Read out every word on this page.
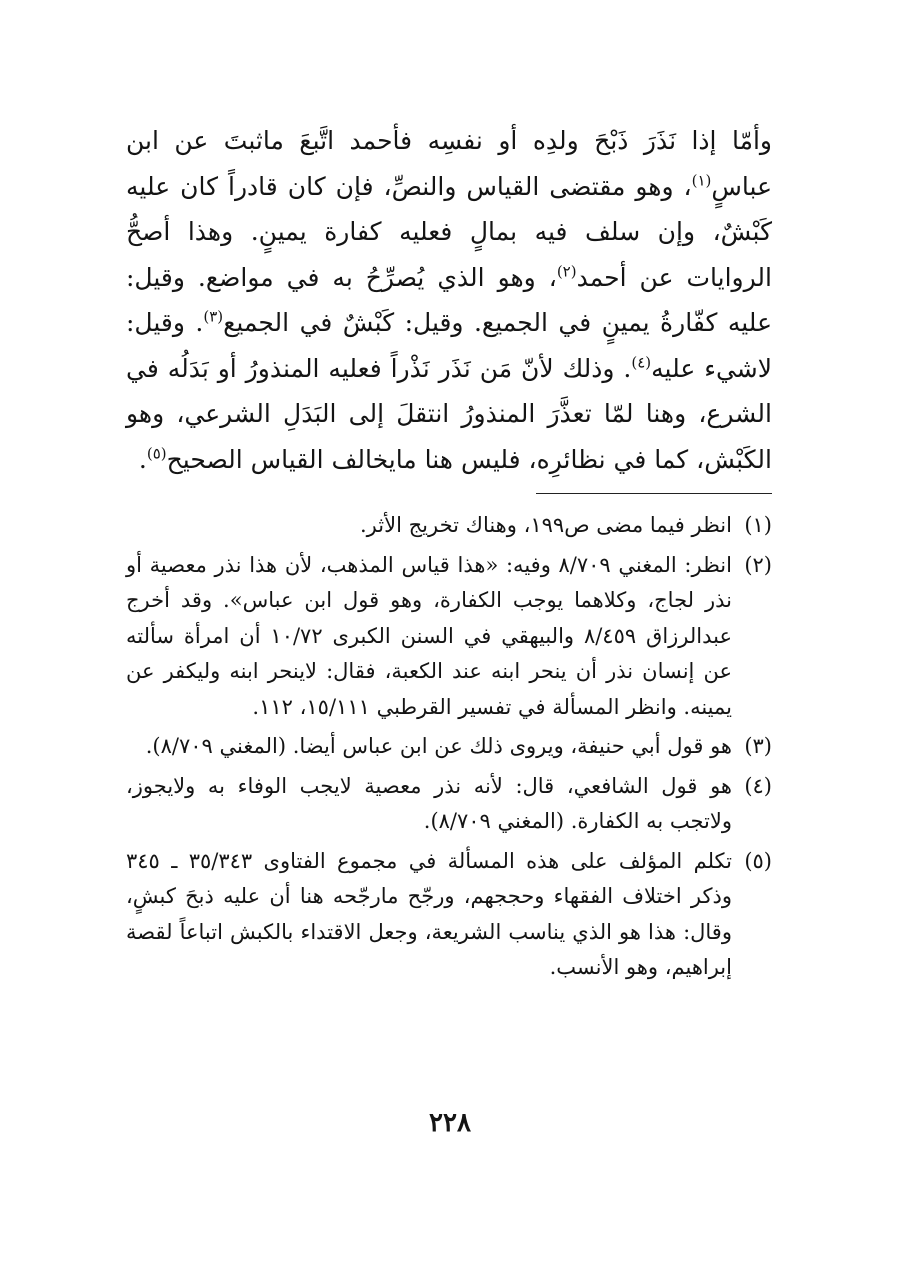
وأمّا إذا نَذَرَ ذَبْحَ ولدِه أو نفسِه فأحمد اتَّبعَ ماثبتَ عن ابن عباسٍ$^{(١)}$، وهو مقتضى القياس والنصِّ، فإن كان قادراً كان عليه كَبْشٌ، وإن سلف فيه بمالٍ فعليه كفارة يمينٍ. وهذا أصحُّ الروايات عن أحمد$^{(٢)}$، وهو الذي يُصرِّحُ به في مواضع. وقيل: عليه كفّارةُ يمينٍ في الجميع. وقيل: كَبْشٌ في الجميع$^{(٣)}$. وقيل: لاشيء عليه$^{(٤)}$. وذلك لأنّ مَن نَذَر نَذْراً فعليه المنذورُ أو بَدَلُه في الشرع، وهنا لمّا تعذَّرَ المنذورُ انتقلَ إلى البَدَلِ الشرعي، وهو الكَبْش، كما في نظائرِه، فليس هنا مايخالف القياس الصحيح$^{(٥)}$.

(١)
انظر فيما مضى ص١٩٩، وهناك تخريج الأثر.
(٢)
انظر: المغني ٨/٧٠٩ وفيه: «هذا قياس المذهب، لأن هذا نذر معصية أو نذر لجاج، وكلاهما يوجب الكفارة، وهو قول ابن عباس». وقد أخرج عبدالرزاق ٨/٤٥٩ والبيهقي في السنن الكبرى ١٠/٧٢ أن امرأة سألته عن إنسان نذر أن ينحر ابنه عند الكعبة، فقال: لاينحر ابنه وليكفر عن يمينه. وانظر المسألة في تفسير القرطبي ١٥/١١١، ١١٢.
(٣)
هو قول أبي حنيفة، ويروى ذلك عن ابن عباس أيضا. (المغني ٨/٧٠٩).
(٤)
هو قول الشافعي، قال: لأنه نذر معصية لايجب الوفاء به ولايجوز، ولاتجب به الكفارة. (المغني ٨/٧٠٩).
(٥)
تكلم المؤلف على هذه المسألة في مجموع الفتاوى ٣٥/٣٤٣ ـ ٣٤٥ وذكر اختلاف الفقهاء وحججهم، ورجّح مارجّحه هنا أن عليه ذبحَ كبشٍ، وقال: هذا هو الذي يناسب الشريعة، وجعل الاقتداء بالكبش اتباعاً لقصة إبراهيم، وهو الأنسب.
٢٢٨
